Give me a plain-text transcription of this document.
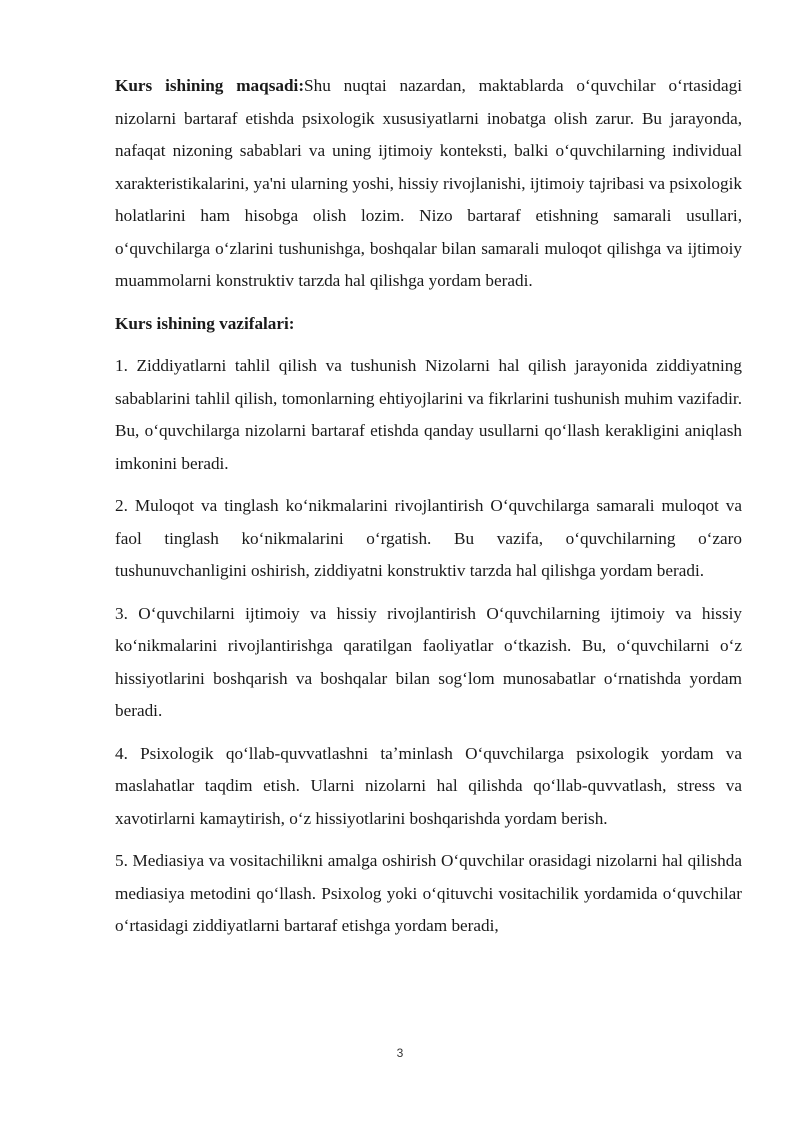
Kurs ishining maqsadi:Shu nuqtai nazardan, maktablarda oʻquvchilar oʻrtasidagi nizolarni bartaraf etishda psixologik xususiyatlarni inobatga olish zarur. Bu jarayonda, nafaqat nizoning sabablari va uning ijtimoiy konteksti, balki oʻquvchilarning individual xarakteristikalarini, ya'ni ularning yoshi, hissiy rivojlanishi, ijtimoiy tajribasi va psixologik holatlarini ham hisobga olish lozim. Nizo bartaraf etishning samarali usullari, oʻquvchilarga oʻzlarini tushunishga, boshqalar bilan samarali muloqot qilishga va ijtimoiy muammolarni konstruktiv tarzda hal qilishga yordam beradi.

Kurs ishining vazifalari:

1. Ziddiyatlarni tahlil qilish va tushunish Nizolarni hal qilish jarayonida ziddiyatning sabablarini tahlil qilish, tomonlarning ehtiyojlarini va fikrlarini tushunish muhim vazifadir. Bu, oʻquvchilarga nizolarni bartaraf etishda qanday usullarni qoʻllash kerakligini aniqlash imkonini beradi.

2. Muloqot va tinglash koʻnikmalarini rivojlantirish Oʻquvchilarga samarali muloqot va faol tinglash koʻnikmalarini oʻrgatish. Bu vazifa, oʻquvchilarning oʻzaro tushunuvchanligini oshirish, ziddiyatni konstruktiv tarzda hal qilishga yordam beradi.

3. Oʻquvchilarni ijtimoiy va hissiy rivojlantirish Oʻquvchilarning ijtimoiy va hissiy koʻnikmalarini rivojlantirishga qaratilgan faoliyatlar oʻtkazish. Bu, oʻquvchilarni oʻz hissiyotlarini boshqarish va boshqalar bilan sogʻlom munosabatlar oʻrnatishda yordam beradi.

4. Psixologik qoʻllab-quvvatlashni taʼminlash Oʻquvchilarga psixologik yordam va maslahatlar taqdim etish. Ularni nizolarni hal qilishda qoʻllab-quvvatlash, stress va xavotirlarni kamaytirish, oʻz hissiyotlarini boshqarishda yordam berish.

5. Mediasiya va vositachilikni amalga oshirish Oʻquvchilar orasidagi nizolarni hal qilishda mediasiya metodini qoʻllash. Psixolog yoki oʻqituvchi vositachilik yordamida oʻquvchilar oʻrtasidagi ziddiyatlarni bartaraf etishga yordam beradi,

3
